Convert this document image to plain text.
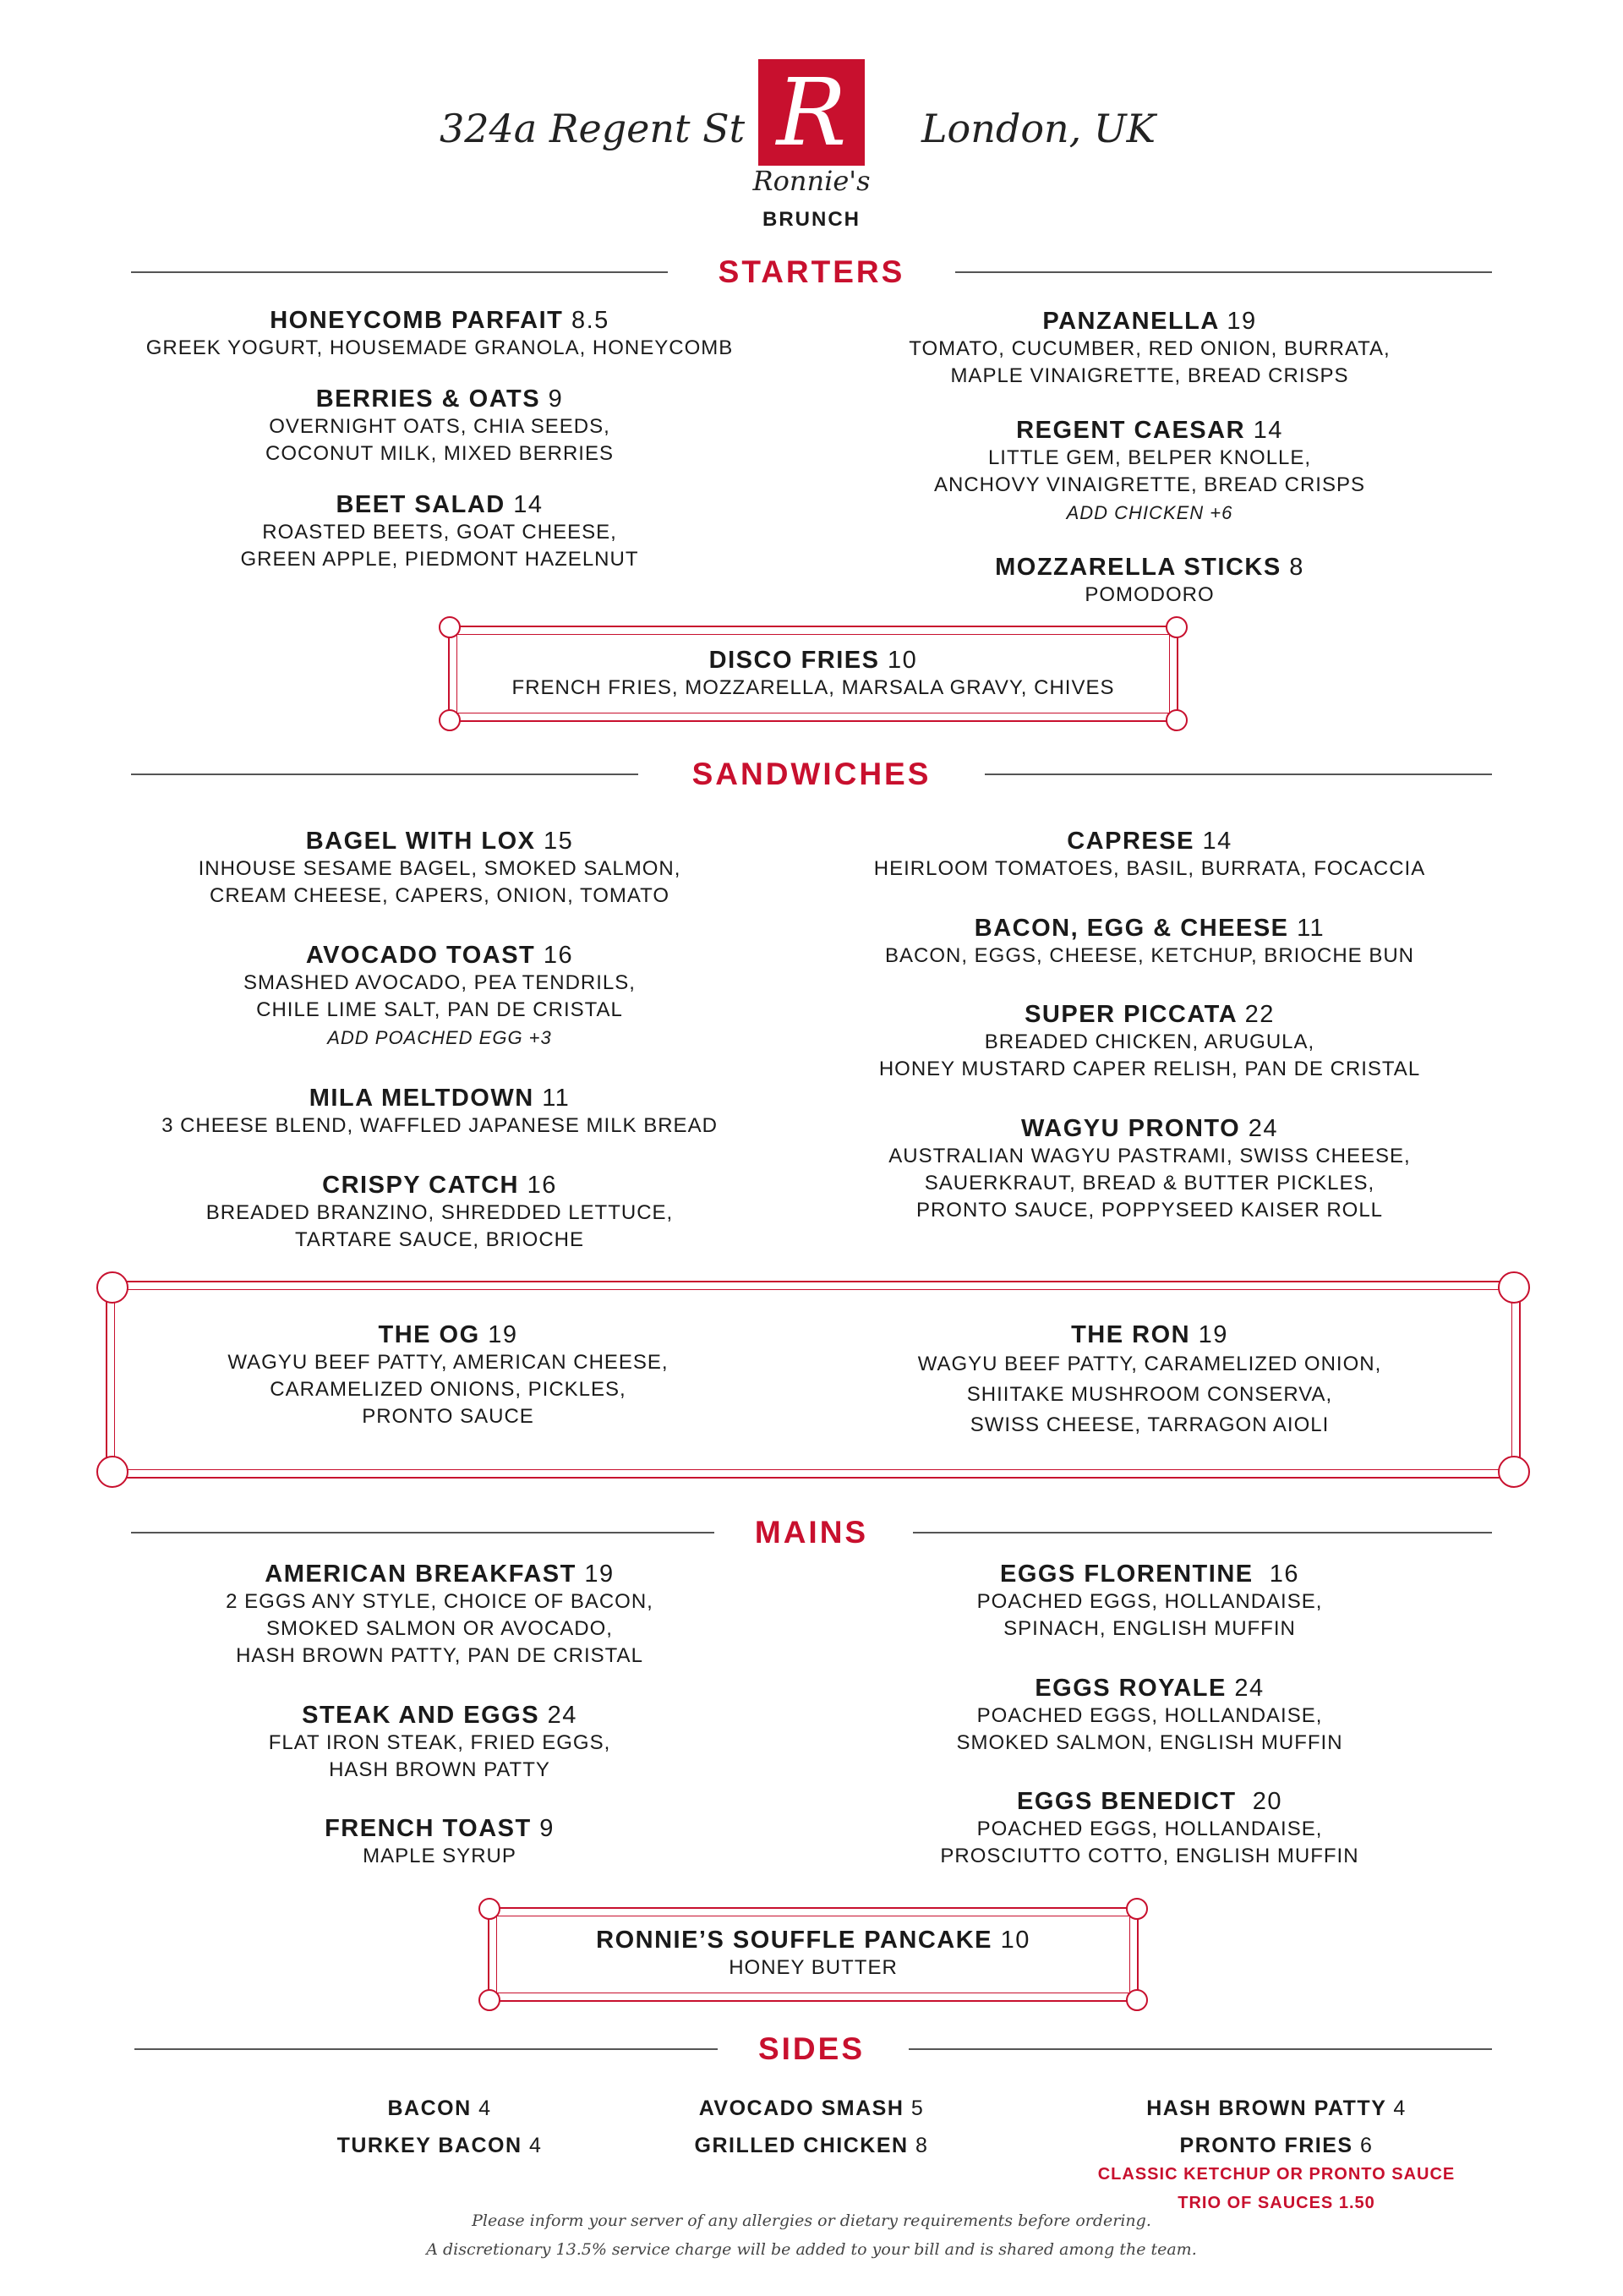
324a Regent St	London, UK
R
Ronnie's
BRUNCH
STARTERS
HONEYCOMB PARFAIT 8.5
GREEK YOGURT, HOUSEMADE GRANOLA, HONEYCOMB
BERRIES & OATS 9
OVERNIGHT OATS, CHIA SEEDS,
COCONUT MILK, MIXED BERRIES
BEET SALAD 14
ROASTED BEETS, GOAT CHEESE,
GREEN APPLE, PIEDMONT HAZELNUT
PANZANELLA 19
TOMATO, CUCUMBER, RED ONION, BURRATA,
MAPLE VINAIGRETTE, BREAD CRISPS
REGENT CAESAR 14
LITTLE GEM, BELPER KNOLLE,
ANCHOVY VINAIGRETTE, BREAD CRISPS
ADD CHICKEN +6
MOZZARELLA STICKS 8
POMODORO
DISCO FRIES 10
FRENCH FRIES, MOZZARELLA, MARSALA GRAVY, CHIVES
SANDWICHES
BAGEL WITH LOX 15
INHOUSE SESAME BAGEL, SMOKED SALMON,
CREAM CHEESE, CAPERS, ONION, TOMATO
AVOCADO TOAST 16
SMASHED AVOCADO, PEA TENDRILS,
CHILE LIME SALT, PAN DE CRISTAL
ADD POACHED EGG +3
MILA MELTDOWN 11
3 CHEESE BLEND, WAFFLED JAPANESE MILK BREAD
CRISPY CATCH 16
BREADED BRANZINO, SHREDDED LETTUCE,
TARTARE SAUCE, BRIOCHE
CAPRESE 14
HEIRLOOM TOMATOES, BASIL, BURRATA, FOCACCIA
BACON, EGG & CHEESE 11
BACON, EGGS, CHEESE, KETCHUP, BRIOCHE BUN
SUPER PICCATA 22
BREADED CHICKEN, ARUGULA,
HONEY MUSTARD CAPER RELISH, PAN DE CRISTAL
WAGYU PRONTO 24
AUSTRALIAN WAGYU PASTRAMI, SWISS CHEESE,
SAUERKRAUT, BREAD & BUTTER PICKLES,
PRONTO SAUCE, POPPYSEED KAISER ROLL
THE OG 19
WAGYU BEEF PATTY, AMERICAN CHEESE,
CARAMELIZED ONIONS, PICKLES,
PRONTO SAUCE
THE RON 19
WAGYU BEEF PATTY, CARAMELIZED ONION,
SHIITAKE MUSHROOM CONSERVA,
SWISS CHEESE, TARRAGON AIOLI
MAINS
AMERICAN BREAKFAST 19
2 EGGS ANY STYLE, CHOICE OF BACON,
SMOKED SALMON OR AVOCADO,
HASH BROWN PATTY, PAN DE CRISTAL
STEAK AND EGGS 24
FLAT IRON STEAK, FRIED EGGS,
HASH BROWN PATTY
FRENCH TOAST 9
MAPLE SYRUP
EGGS FLORENTINE 16
POACHED EGGS, HOLLANDAISE,
SPINACH, ENGLISH MUFFIN
EGGS ROYALE 24
POACHED EGGS, HOLLANDAISE,
SMOKED SALMON, ENGLISH MUFFIN
EGGS BENEDICT 20
POACHED EGGS, HOLLANDAISE,
PROSCIUTTO COTTO, ENGLISH MUFFIN
RONNIE’S SOUFFLE PANCAKE 10
HONEY BUTTER
SIDES
BACON 4
TURKEY BACON 4
AVOCADO SMASH 5
GRILLED CHICKEN 8
HASH BROWN PATTY 4
PRONTO FRIES 6
CLASSIC KETCHUP OR PRONTO SAUCE
TRIO OF SAUCES 1.50
Please inform your server of any allergies or dietary requirements before ordering.
A discretionary 13.5% service charge will be added to your bill and is shared among the team.
